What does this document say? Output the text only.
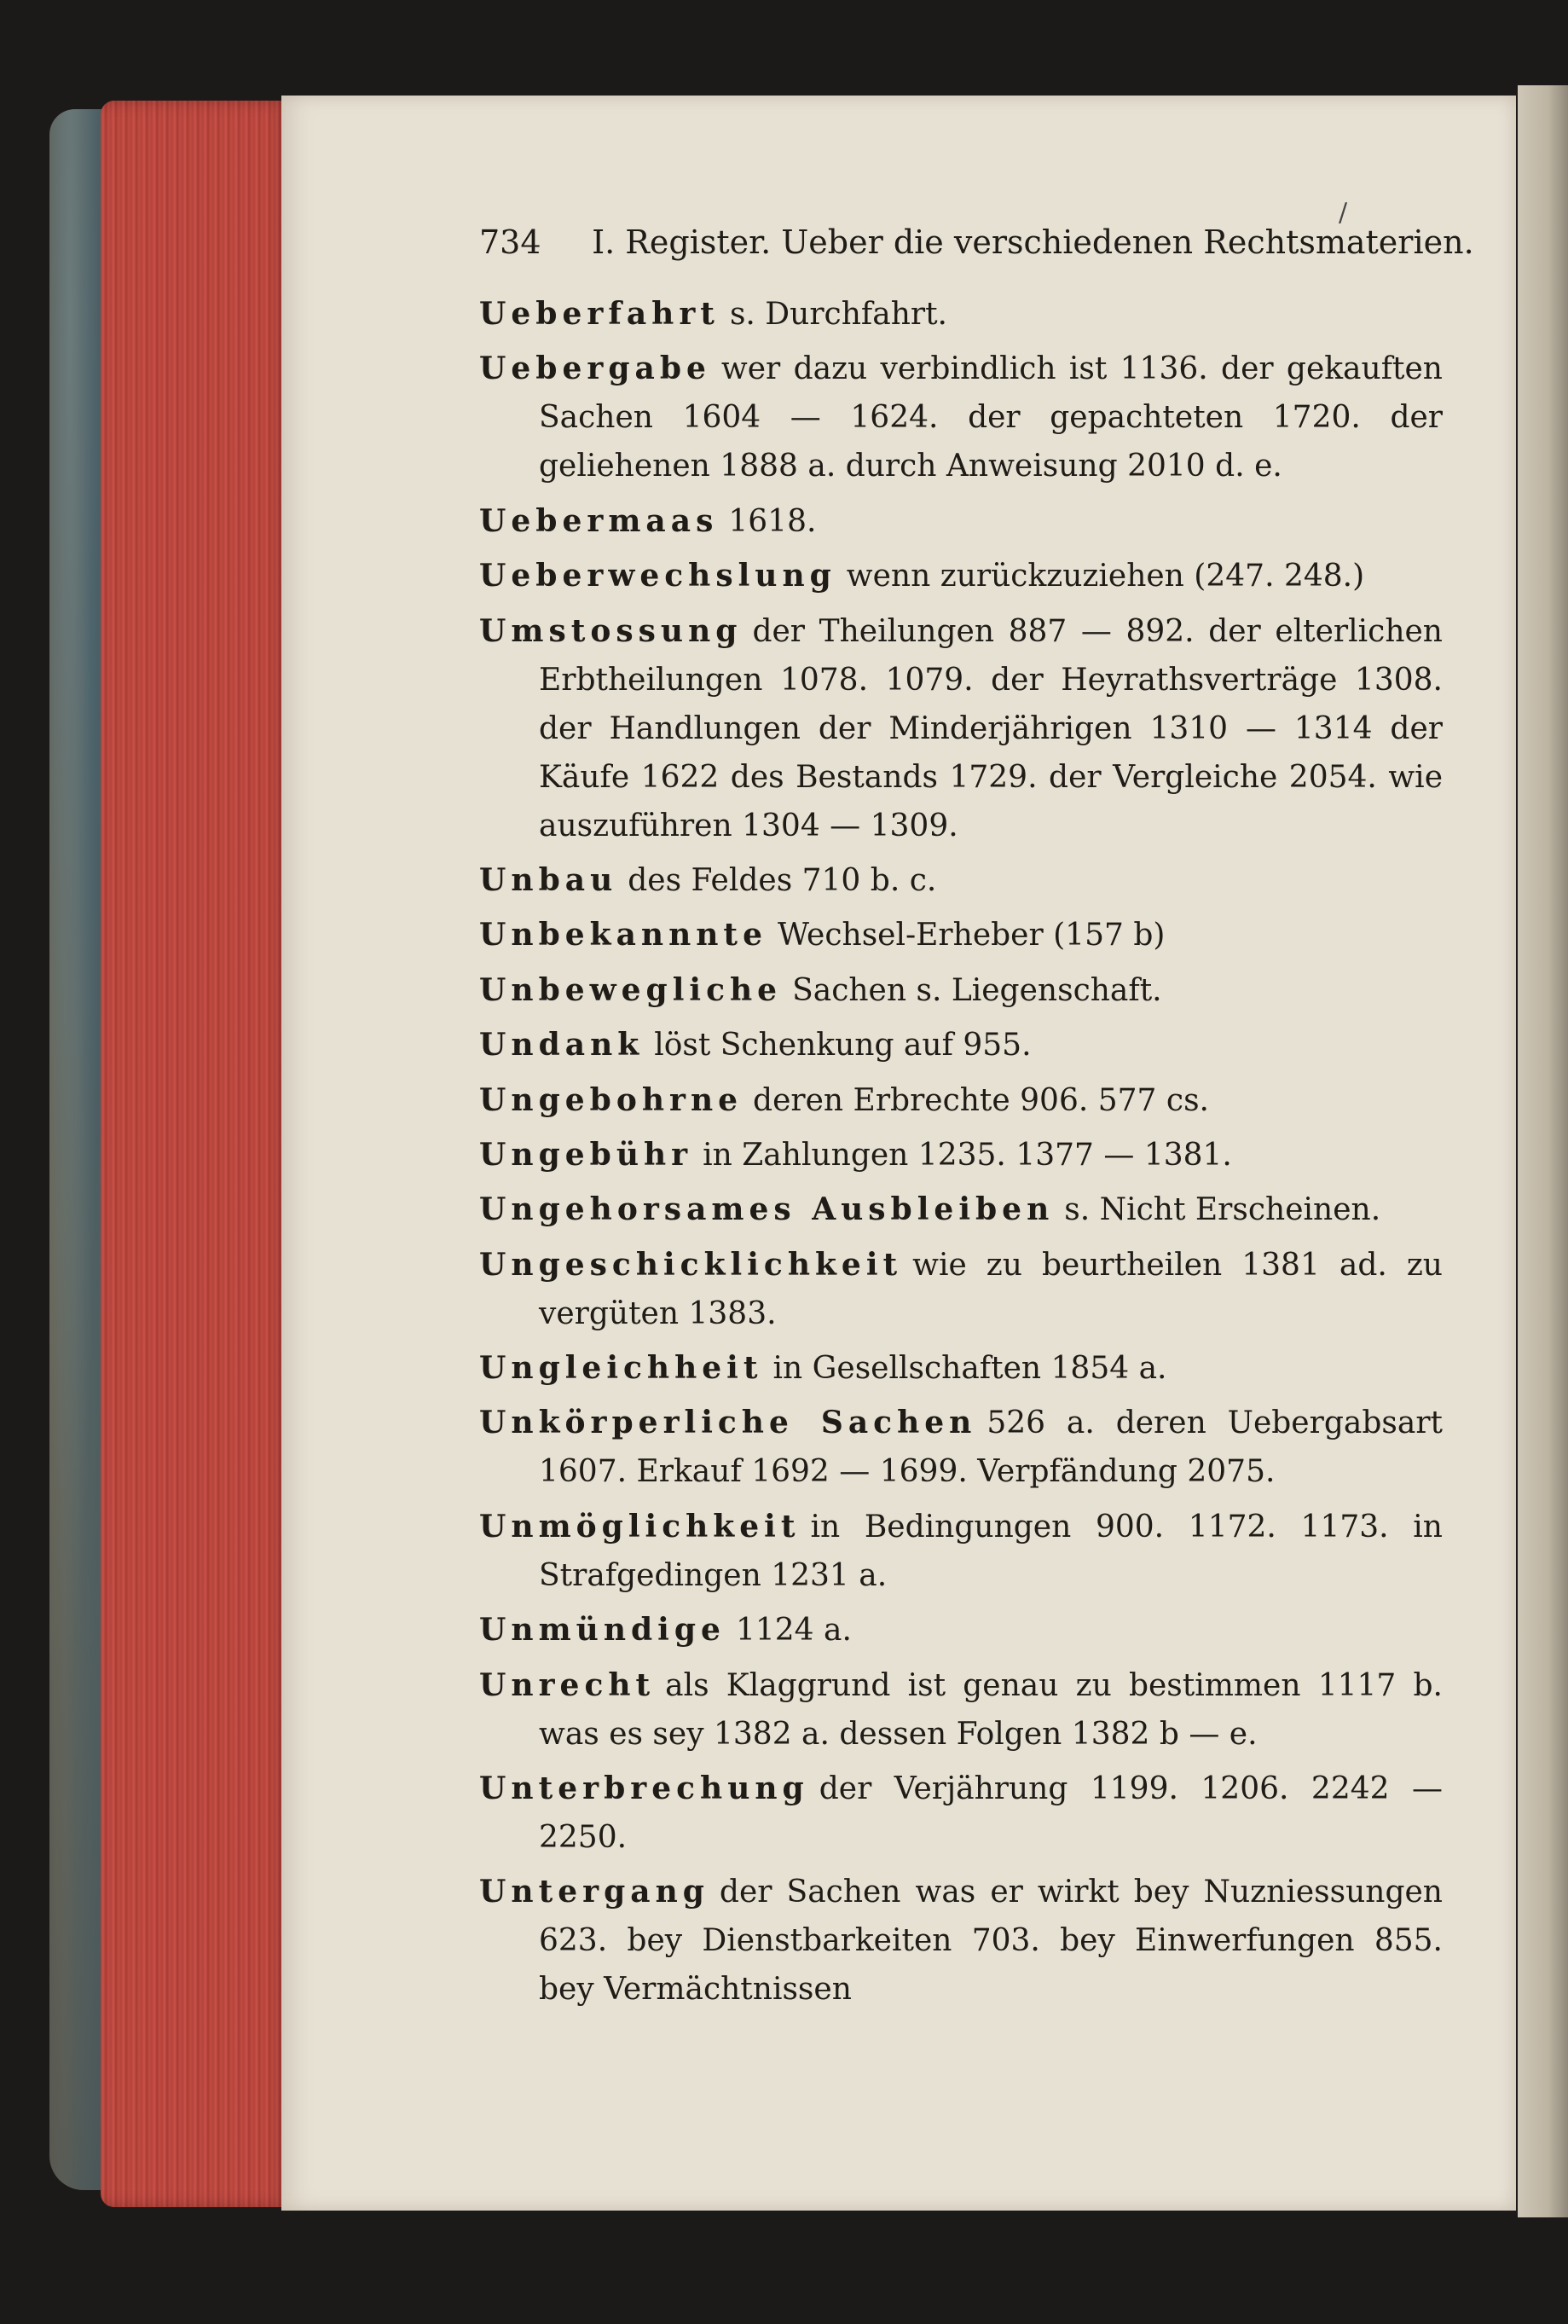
/
734 I. Register. Ueber die verschiedenen Rechtsmaterien.
Ueberfahrt s. Durchfahrt.
Uebergabe wer dazu verbindlich ist 1136. der gekauften Sachen 1604 — 1624. der gepachteten 1720. der geliehenen 1888 a. durch Anweisung 2010 d. e.
Uebermaas 1618.
Ueberwechslung wenn zurückzuziehen (247. 248.)
Umstossung der Theilungen 887 — 892. der elterlichen Erbtheilungen 1078. 1079. der Heyrathsverträge 1308. der Handlungen der Minderjährigen 1310 — 1314 der Käufe 1622 des Bestands 1729. der Vergleiche 2054. wie auszuführen 1304 — 1309.
Unbau des Feldes 710 b. c.
Unbekannnte Wechsel-Erheber (157 b)
Unbewegliche Sachen s. Liegenschaft.
Undank löst Schenkung auf 955.
Ungebohrne deren Erbrechte 906. 577 cs.
Ungebühr in Zahlungen 1235. 1377 — 1381.
Ungehorsames Ausbleiben s. Nicht Erscheinen.
Ungeschicklichkeit wie zu beurtheilen 1381 ad. zu vergüten 1383.
Ungleichheit in Gesellschaften 1854 a.
Unkörperliche Sachen 526 a. deren Uebergabsart 1607. Erkauf 1692 — 1699. Verpfändung 2075.
Unmöglichkeit in Bedingungen 900. 1172. 1173. in Strafgedingen 1231 a.
Unmündige 1124 a.
Unrecht als Klaggrund ist genau zu bestimmen 1117 b. was es sey 1382 a. dessen Folgen 1382 b — e.
Unterbrechung der Verjährung 1199. 1206. 2242 — 2250.
Untergang der Sachen was er wirkt bey Nuzniessungen 623. bey Dienstbarkeiten 703. bey Einwerfungen 855. bey Vermächtnissen
